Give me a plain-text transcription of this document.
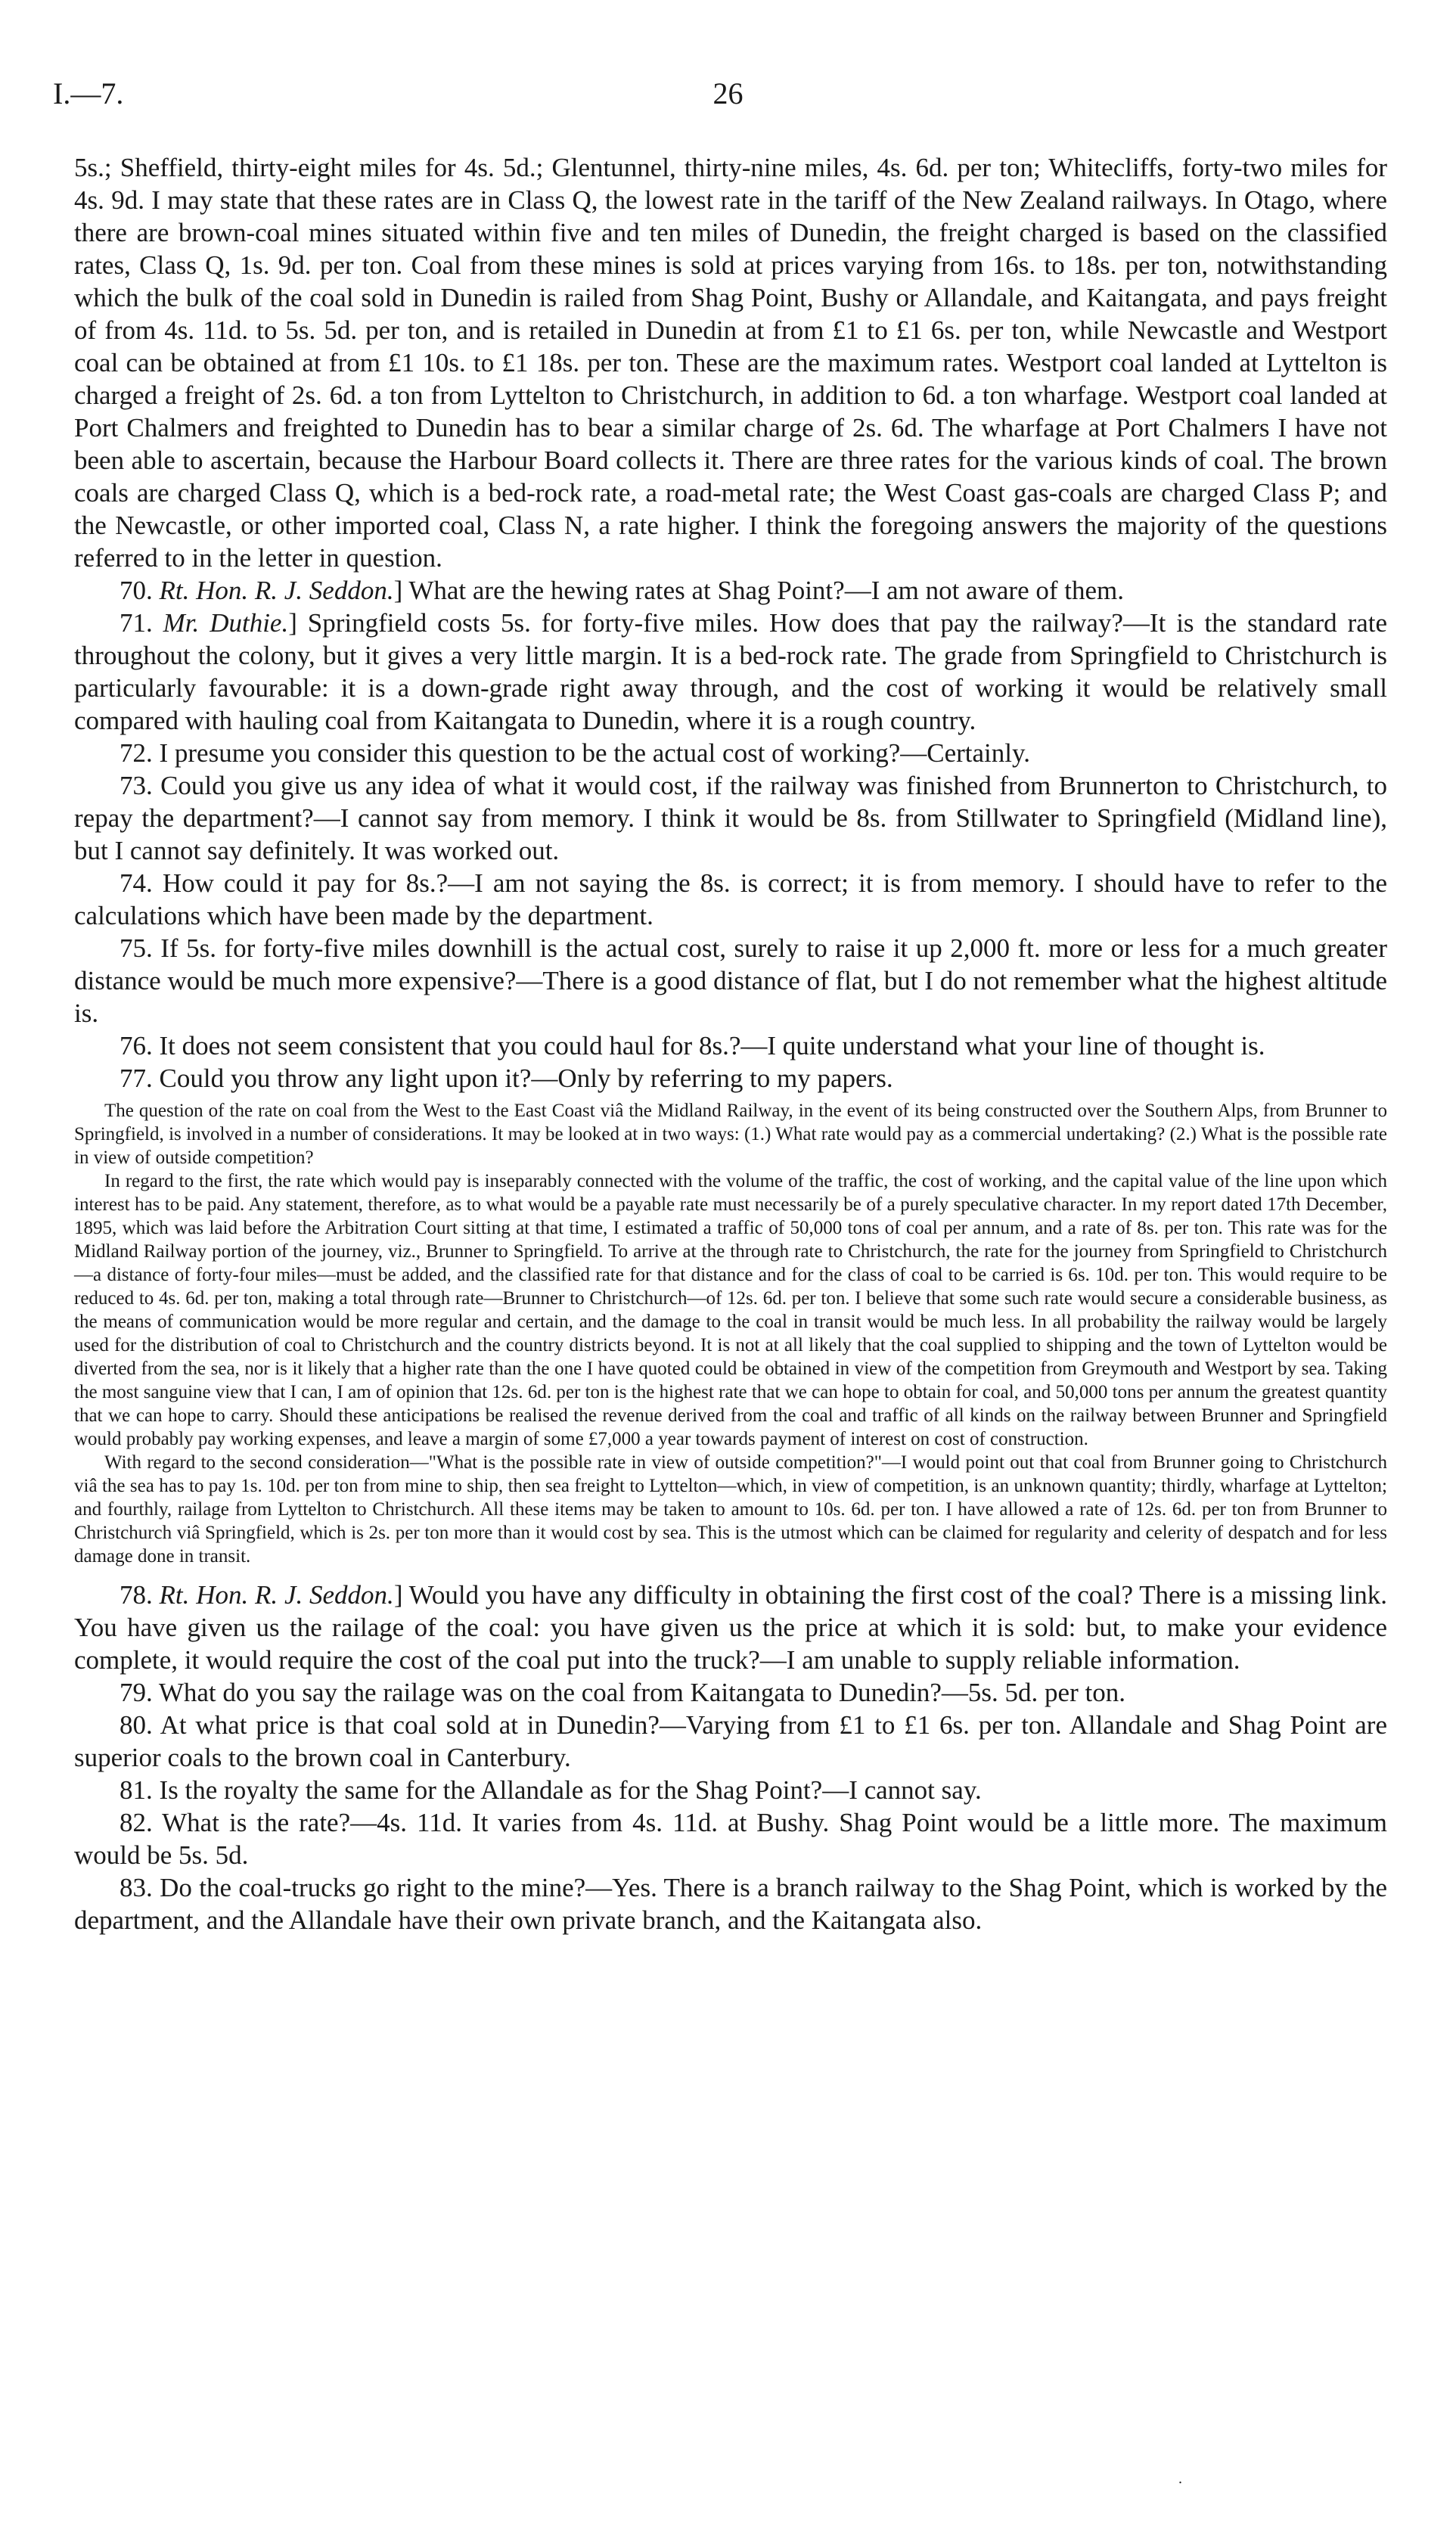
I.—7.	26

5s.; Sheffield, thirty-eight miles for 4s. 5d.; Glentunnel, thirty-nine miles, 4s. 6d. per ton; Whitecliffs, forty-two miles for 4s. 9d. I may state that these rates are in Class Q, the lowest rate in the tariff of the New Zealand railways. In Otago, where there are brown-coal mines situated within five and ten miles of Dunedin, the freight charged is based on the classified rates, Class Q, 1s. 9d. per ton. Coal from these mines is sold at prices varying from 16s. to 18s. per ton, notwithstanding which the bulk of the coal sold in Dunedin is railed from Shag Point, Bushy or Allandale, and Kaitangata, and pays freight of from 4s. 11d. to 5s. 5d. per ton, and is retailed in Dunedin at from £1 to £1 6s. per ton, while Newcastle and Westport coal can be obtained at from £1 10s. to £1 18s. per ton. These are the maximum rates. Westport coal landed at Lyttelton is charged a freight of 2s. 6d. a ton from Lyttelton to Christchurch, in addition to 6d. a ton wharfage. Westport coal landed at Port Chalmers and freighted to Dunedin has to bear a similar charge of 2s. 6d. The wharfage at Port Chalmers I have not been able to ascertain, because the Harbour Board collects it. There are three rates for the various kinds of coal. The brown coals are charged Class Q, which is a bed-rock rate, a road-metal rate; the West Coast gas-coals are charged Class P; and the Newcastle, or other imported coal, Class N, a rate higher. I think the foregoing answers the majority of the questions referred to in the letter in question.

70. Rt. Hon. R. J. Seddon.] What are the hewing rates at Shag Point?—I am not aware of them.

71. Mr. Duthie.] Springfield costs 5s. for forty-five miles. How does that pay the railway?—It is the standard rate throughout the colony, but it gives a very little margin. It is a bed-rock rate. The grade from Springfield to Christchurch is particularly favourable: it is a down-grade right away through, and the cost of working it would be relatively small compared with hauling coal from Kaitangata to Dunedin, where it is a rough country.

72. I presume you consider this question to be the actual cost of working?—Certainly.

73. Could you give us any idea of what it would cost, if the railway was finished from Brunnerton to Christchurch, to repay the department?—I cannot say from memory. I think it would be 8s. from Stillwater to Springfield (Midland line), but I cannot say definitely. It was worked out.

74. How could it pay for 8s.?—I am not saying the 8s. is correct; it is from memory. I should have to refer to the calculations which have been made by the department.

75. If 5s. for forty-five miles downhill is the actual cost, surely to raise it up 2,000 ft. more or less for a much greater distance would be much more expensive?—There is a good distance of flat, but I do not remember what the highest altitude is.

76. It does not seem consistent that you could haul for 8s.?—I quite understand what your line of thought is.

77. Could you throw any light upon it?—Only by referring to my papers.

The question of the rate on coal from the West to the East Coast viâ the Midland Railway, in the event of its being constructed over the Southern Alps, from Brunner to Springfield, is involved in a number of considerations. It may be looked at in two ways: (1.) What rate would pay as a commercial undertaking? (2.) What is the possible rate in view of outside competition?

In regard to the first, the rate which would pay is inseparably connected with the volume of the traffic, the cost of working, and the capital value of the line upon which interest has to be paid. Any statement, therefore, as to what would be a payable rate must necessarily be of a purely speculative character. In my report dated 17th December, 1895, which was laid before the Arbitration Court sitting at that time, I estimated a traffic of 50,000 tons of coal per annum, and a rate of 8s. per ton. This rate was for the Midland Railway portion of the journey, viz., Brunner to Springfield. To arrive at the through rate to Christchurch, the rate for the journey from Springfield to Christchurch—a distance of forty-four miles—must be added, and the classified rate for that distance and for the class of coal to be carried is 6s. 10d. per ton. This would require to be reduced to 4s. 6d. per ton, making a total through rate—Brunner to Christchurch—of 12s. 6d. per ton. I believe that some such rate would secure a considerable business, as the means of communication would be more regular and certain, and the damage to the coal in transit would be much less. In all probability the railway would be largely used for the distribution of coal to Christchurch and the country districts beyond. It is not at all likely that the coal supplied to shipping and the town of Lyttelton would be diverted from the sea, nor is it likely that a higher rate than the one I have quoted could be obtained in view of the competition from Greymouth and Westport by sea. Taking the most sanguine view that I can, I am of opinion that 12s. 6d. per ton is the highest rate that we can hope to obtain for coal, and 50,000 tons per annum the greatest quantity that we can hope to carry. Should these anticipations be realised the revenue derived from the coal and traffic of all kinds on the railway between Brunner and Springfield would probably pay working expenses, and leave a margin of some £7,000 a year towards payment of interest on cost of construction.

With regard to the second consideration—"What is the possible rate in view of outside competition?"—I would point out that coal from Brunner going to Christchurch viâ the sea has to pay 1s. 10d. per ton from mine to ship, then sea freight to Lyttelton—which, in view of competition, is an unknown quantity; thirdly, wharfage at Lyttelton; and fourthly, railage from Lyttelton to Christchurch. All these items may be taken to amount to 10s. 6d. per ton. I have allowed a rate of 12s. 6d. per ton from Brunner to Christchurch viâ Springfield, which is 2s. per ton more than it would cost by sea. This is the utmost which can be claimed for regularity and celerity of despatch and for less damage done in transit.

78. Rt. Hon. R. J. Seddon.] Would you have any difficulty in obtaining the first cost of the coal? There is a missing link. You have given us the railage of the coal: you have given us the price at which it is sold: but, to make your evidence complete, it would require the cost of the coal put into the truck?—I am unable to supply reliable information.

79. What do you say the railage was on the coal from Kaitangata to Dunedin?—5s. 5d. per ton.

80. At what price is that coal sold at in Dunedin?—Varying from £1 to £1 6s. per ton. Allandale and Shag Point are superior coals to the brown coal in Canterbury.

81. Is the royalty the same for the Allandale as for the Shag Point?—I cannot say.

82. What is the rate?—4s. 11d. It varies from 4s. 11d. at Bushy. Shag Point would be a little more. The maximum would be 5s. 5d.

83. Do the coal-trucks go right to the mine?—Yes. There is a branch railway to the Shag Point, which is worked by the department, and the Allandale have their own private branch, and the Kaitangata also.

.
